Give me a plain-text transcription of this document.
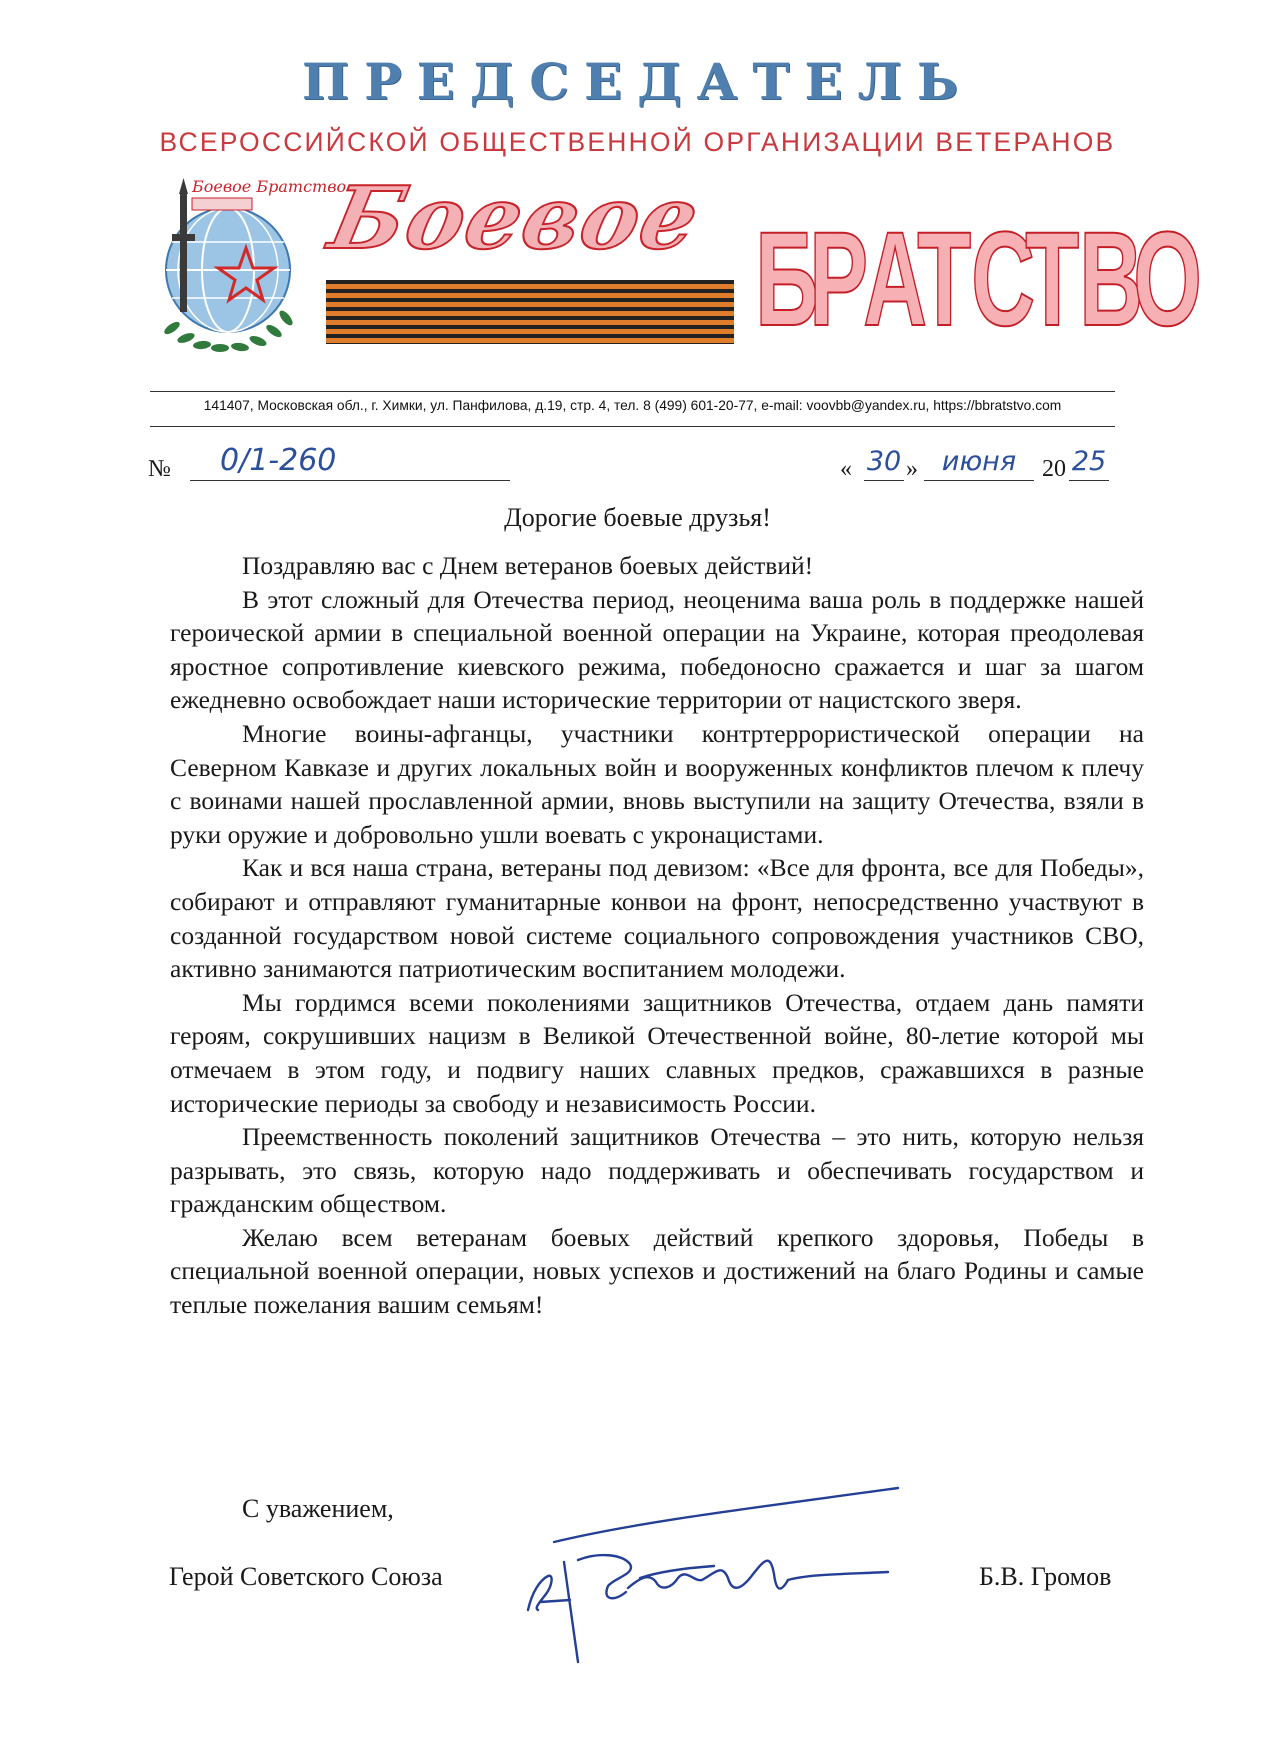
ПРЕДСЕДАТЕЛЬ
ВСЕРОССИЙСКОЙ ОБЩЕСТВЕННОЙ ОРГАНИЗАЦИИ ВЕТЕРАНОВ
Боевое Братство
Боевое Б
Р
А
Т С
Т В
О
141407, Московская обл., г. Химки, ул. Панфилова, д.19, стр. 4, тел. 8 (499) 601-20-77, e-mail: voovbb@yandex.ru, https://bbratstvo.com
№	0/1-260	« 30 » июня	20 25
Дорогие боевые друзья!

Поздравляю вас с Днем ветеранов боевых действий!

В этот сложный для Отечества период, неоценима ваша роль в поддержке нашей героической армии в специальной военной операции на Украине, которая преодолевая яростное сопротивление киевского режима, победоносно сражается и шаг за шагом ежедневно освобождает наши исторические территории от нацистского зверя.

Многие воины-афганцы, участники контртеррористической операции на Северном Кавказе и других локальных войн и вооруженных конфликтов плечом к плечу с воинами нашей прославленной армии, вновь выступили на защиту Отечества, взяли в руки оружие и добровольно ушли воевать с укронацистами.

Как и вся наша страна, ветераны под девизом: «Все для фронта, все для Победы», собирают и отправляют гуманитарные конвои на фронт, непосредственно участвуют в созданной государством новой системе социального сопровождения участников СВО, активно занимаются патриотическим воспитанием молодежи.

Мы гордимся всеми поколениями защитников Отечества, отдаем дань памяти героям, сокрушивших нацизм в Великой Отечественной войне, 80-летие которой мы отмечаем в этом году, и подвигу наших славных предков, сражавшихся в разные исторические периоды за свободу и независимость России.

Преемственность поколений защитников Отечества – это нить, которую нельзя разрывать, это связь, которую надо поддерживать и обеспечивать государством и гражданским обществом.

Желаю всем ветеранам боевых действий крепкого здоровья, Победы в специальной военной операции, новых успехов и достижений на благо Родины и самые теплые пожелания вашим семьям!

С уважением,
Герой Советского Союза	Б.В. Громов
